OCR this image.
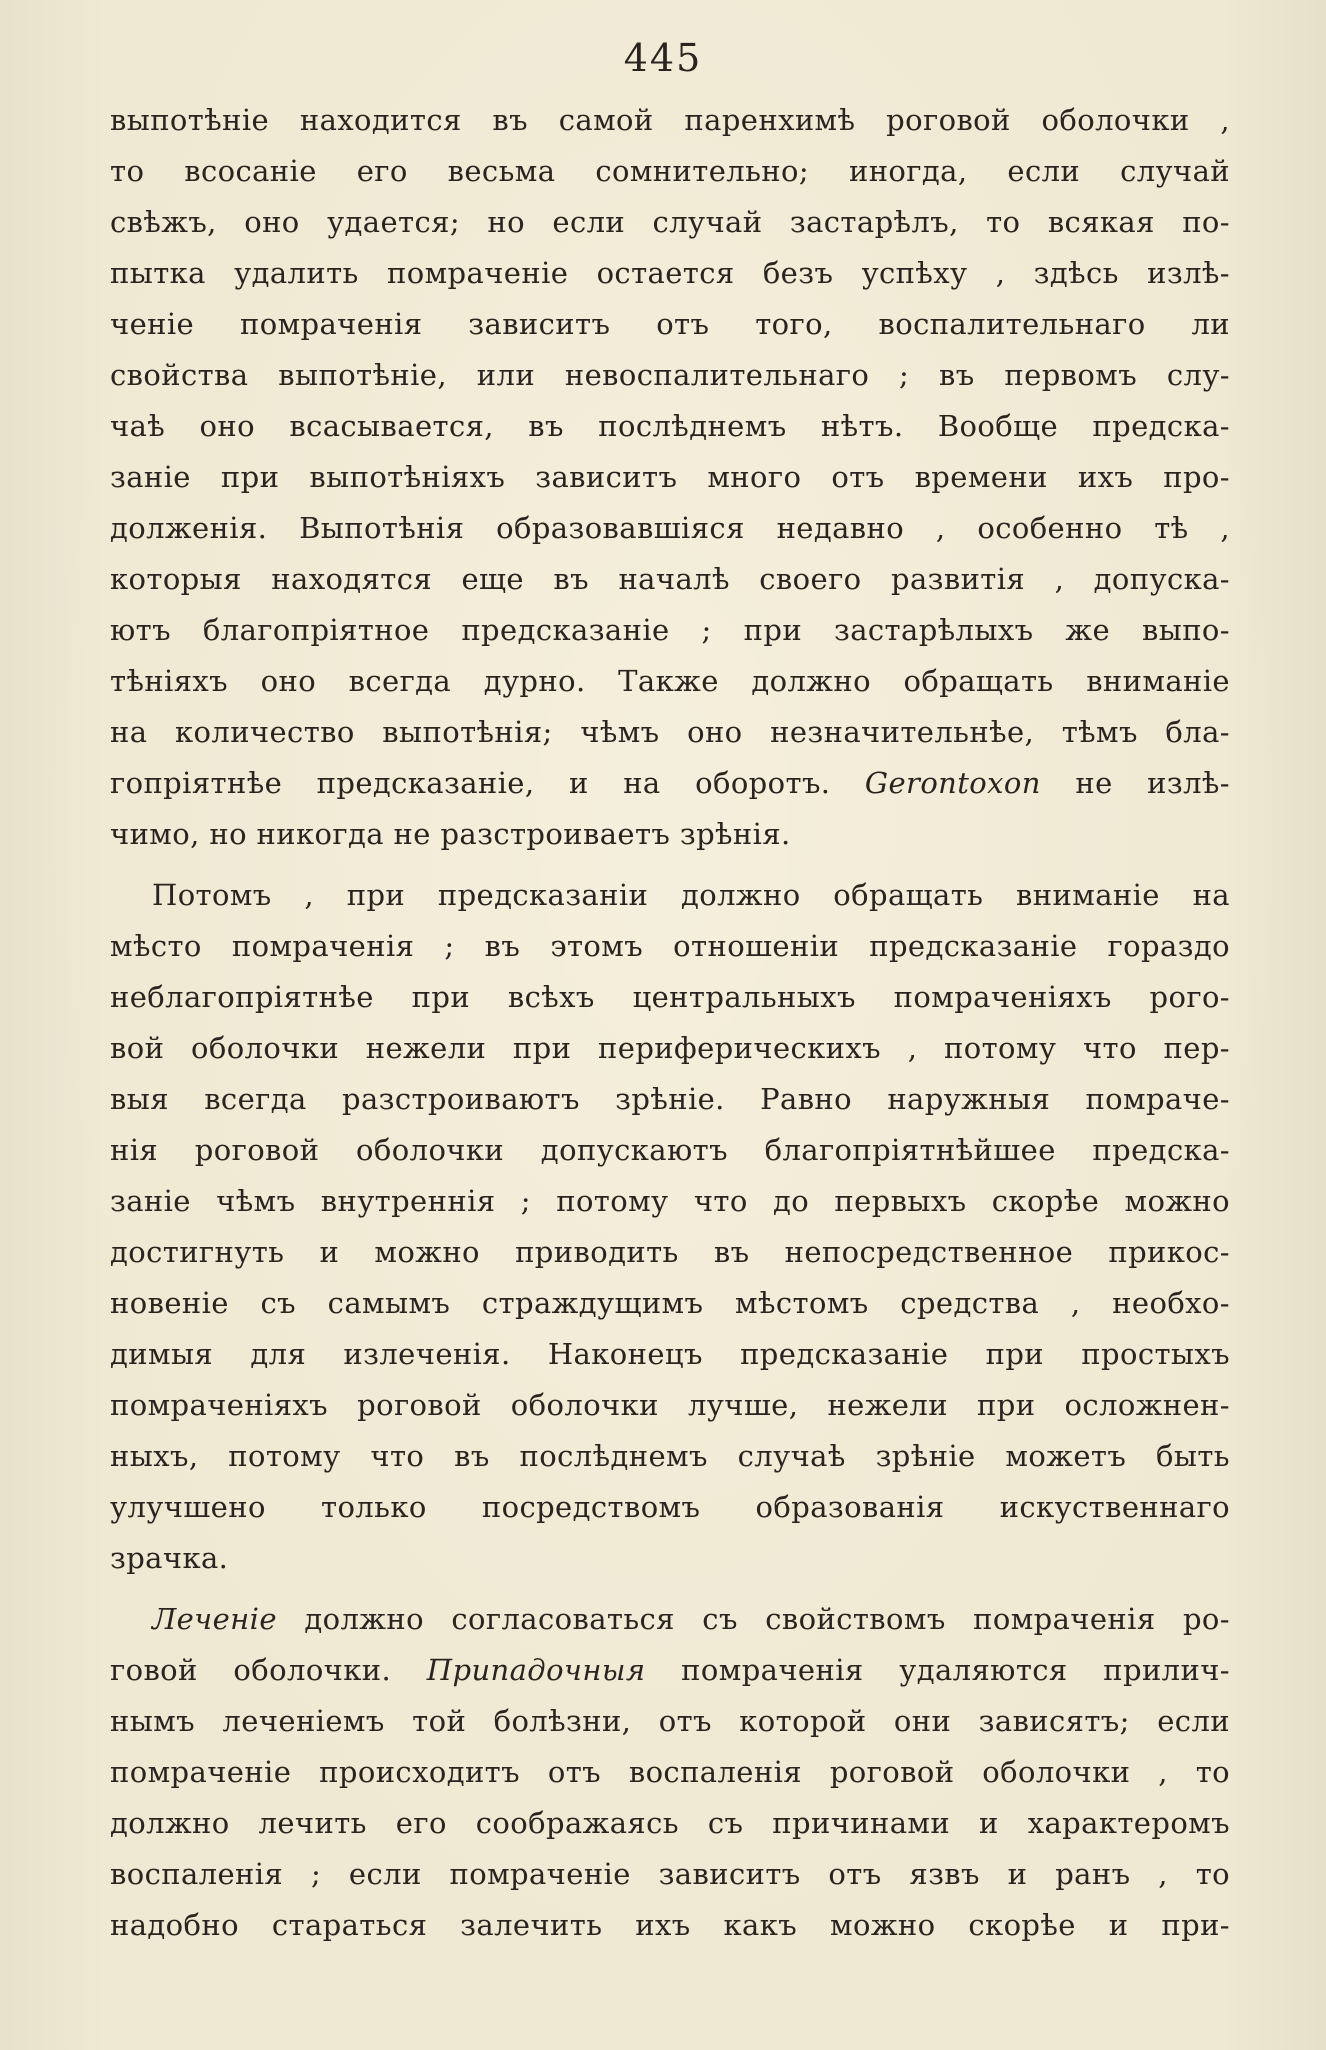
445
выпотѣніе находится въ самой паренхимѣ роговой оболочки ,
то всосаніе его весьма сомнительно; иногда, если случай
свѣжъ, оно удается; но если случай застарѣлъ, то всякая по-
пытка удалить помраченіе остается безъ успѣху , здѣсь излѣ-
ченіе помраченія зависитъ отъ того, воспалительнаго ли
свойства выпотѣніе, или невоспалительнаго ; въ первомъ слу-
чаѣ оно всасывается, въ послѣднемъ нѣтъ. Вообще предска-
заніе при выпотѣніяхъ зависитъ много отъ времени ихъ про-
долженія. Выпотѣнія образовавшіяся недавно , особенно тѣ ,
которыя находятся еще въ началѣ своего развитія , допуска-
ютъ благопріятное предсказаніе ; при застарѣлыхъ же выпо-
тѣніяхъ оно всегда дурно. Также должно обращать вниманіе
на количество выпотѣнія; чѣмъ оно незначительнѣе, тѣмъ бла-
гопріятнѣе предсказаніе, и на оборотъ. Gerontoxon не излѣ-
чимо, но никогда не разстроиваетъ зрѣнія.
Потомъ , при предсказаніи должно обращать вниманіе на
мѣсто помраченія ; въ этомъ отношеніи предсказаніе гораздо
неблагопріятнѣе при всѣхъ центральныхъ помраченіяхъ рого-
вой оболочки нежели при периферическихъ , потому что пер-
выя всегда разстроиваютъ зрѣніе. Равно наружныя помраче-
нія роговой оболочки допускаютъ благопріятнѣйшее предска-
заніе чѣмъ внутреннія ; потому что до первыхъ скорѣе можно
достигнуть и можно приводить въ непосредственное прикос-
новеніе съ самымъ страждущимъ мѣстомъ средства , необхо-
димыя для излеченія. Наконецъ предсказаніе при простыхъ
помраченіяхъ роговой оболочки лучше, нежели при осложнен-
ныхъ, потому что въ послѣднемъ случаѣ зрѣніе можетъ быть
улучшено только посредствомъ образованія искуственнаго
зрачка.
Леченіе должно согласоваться съ свойствомъ помраченія ро-
говой оболочки. Припадочныя помраченія удаляются прилич-
нымъ леченіемъ той болѣзни, отъ которой они зависятъ; если
помраченіе происходитъ отъ воспаленія роговой оболочки , то
должно лечить его соображаясь съ причинами и характеромъ
воспаленія ; если помраченіе зависитъ отъ язвъ и ранъ , то
надобно стараться залечить ихъ какъ можно скорѣе и при-
